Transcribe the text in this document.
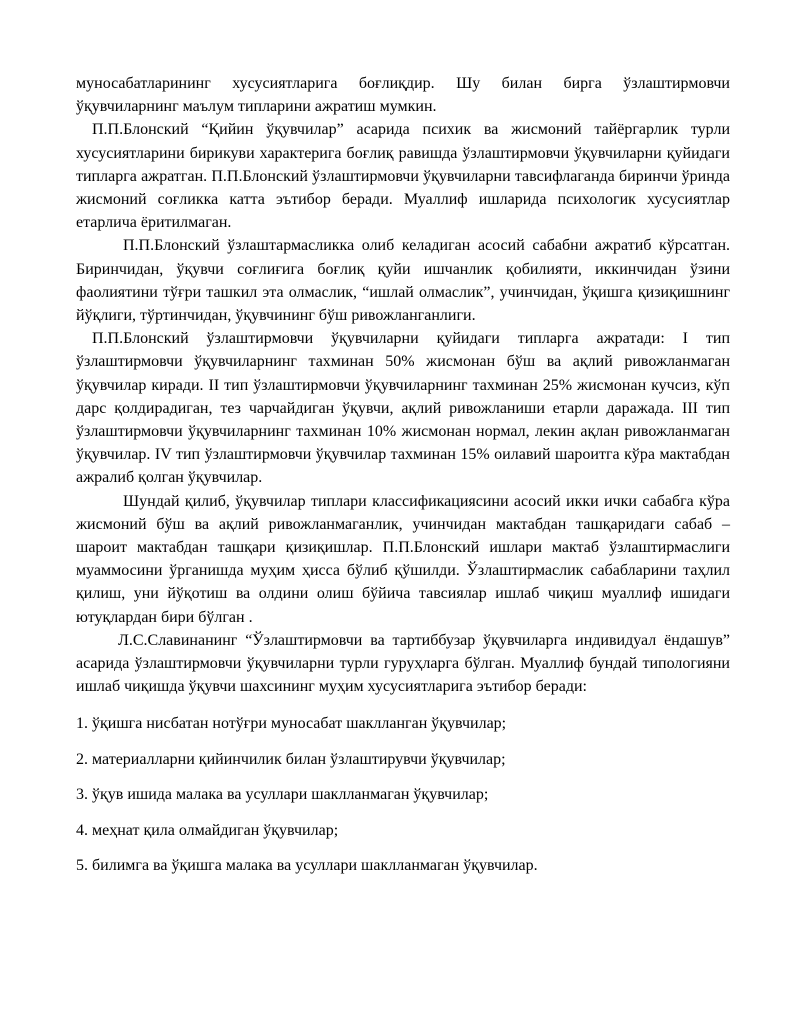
муносабатларининг хусусиятларига боғлиқдир. Шу билан бирга ўзлаштирмовчи ўқувчиларнинг маълум типларини ажратиш мумкин.

П.П.Блонский “Қийин ўқувчилар” асарида психик ва жисмоний тайёргарлик турли хусусиятларини бирикуви характерига боғлиқ равишда ўзлаштирмовчи ўқувчиларни қуйидаги типларга ажратган. П.П.Блонский ўзлаштирмовчи ўқувчиларни тавсифлаганда биринчи ўринда жисмоний соғликка катта эътибор беради. Муаллиф ишларида психологик хусусиятлар етарлича ёритилмаган.

П.П.Блонский ўзлаштармасликка олиб келадиган асосий сабабни ажратиб кўрсатган. Биринчидан, ўқувчи соғлиғига боғлиқ қуйи ишчанлик қобилияти, иккинчидан ўзини фаолиятини тўғри ташкил эта олмаслик, “ишлай олмаслик”, учинчидан, ўқишга қизиқишнинг йўқлиги, тўртинчидан, ўқувчининг бўш ривожланганлиги.

П.П.Блонский ўзлаштирмовчи ўқувчиларни қуйидаги типларга ажратади: I тип ўзлаштирмовчи ўқувчиларнинг тахминан 50% жисмонан бўш ва ақлий ривожланмаган ўқувчилар киради. II тип ўзлаштирмовчи ўқувчиларнинг тахминан 25% жисмонан кучсиз, кўп дарс қолдирадиган, тез чарчайдиган ўқувчи, ақлий ривожланиши етарли даражада. III тип ўзлаштирмовчи ўқувчиларнинг тахминан 10% жисмонан нормал, лекин ақлан ривожланмаган ўқувчилар. IV тип ўзлаштирмовчи ўқувчилар тахминан 15% оилавий шароитга кўра мактабдан ажралиб қолган ўқувчилар.

Шундай қилиб, ўқувчилар типлари классификациясини асосий икки ички сабабга кўра жисмоний бўш ва ақлий ривожланмаганлик, учинчидан мактабдан ташқаридаги сабаб – шароит мактабдан ташқари қизиқишлар. П.П.Блонский ишлари мактаб ўзлаштирмаслиги муаммосини ўрганишда муҳим ҳисса бўлиб қўшилди. Ўзлаштирмаслик сабабларини таҳлил қилиш, уни йўқотиш ва олдини олиш бўйича тавсиялар ишлаб чиқиш муаллиф ишидаги ютуқлардан бири бўлган .

Л.С.Славинанинг “Ўзлаштирмовчи ва тартиббузар ўқувчиларга индивидуал ёндашув” асарида ўзлаштирмовчи ўқувчиларни турли гуруҳларга бўлган. Муаллиф бундай типологияни ишлаб чиқишда ўқувчи шахсининг муҳим хусусиятларига эътибор беради:

1. ўқишга нисбатан нотўғри муносабат шаклланган ўқувчилар;
2. материалларни қийинчилик билан ўзлаштирувчи ўқувчилар;
3. ўқув ишида малака ва усуллари шаклланмаган ўқувчилар;
4. меҳнат қила олмайдиган ўқувчилар;
5. билимга ва ўқишга малака ва усуллари шаклланмаган ўқувчилар.
